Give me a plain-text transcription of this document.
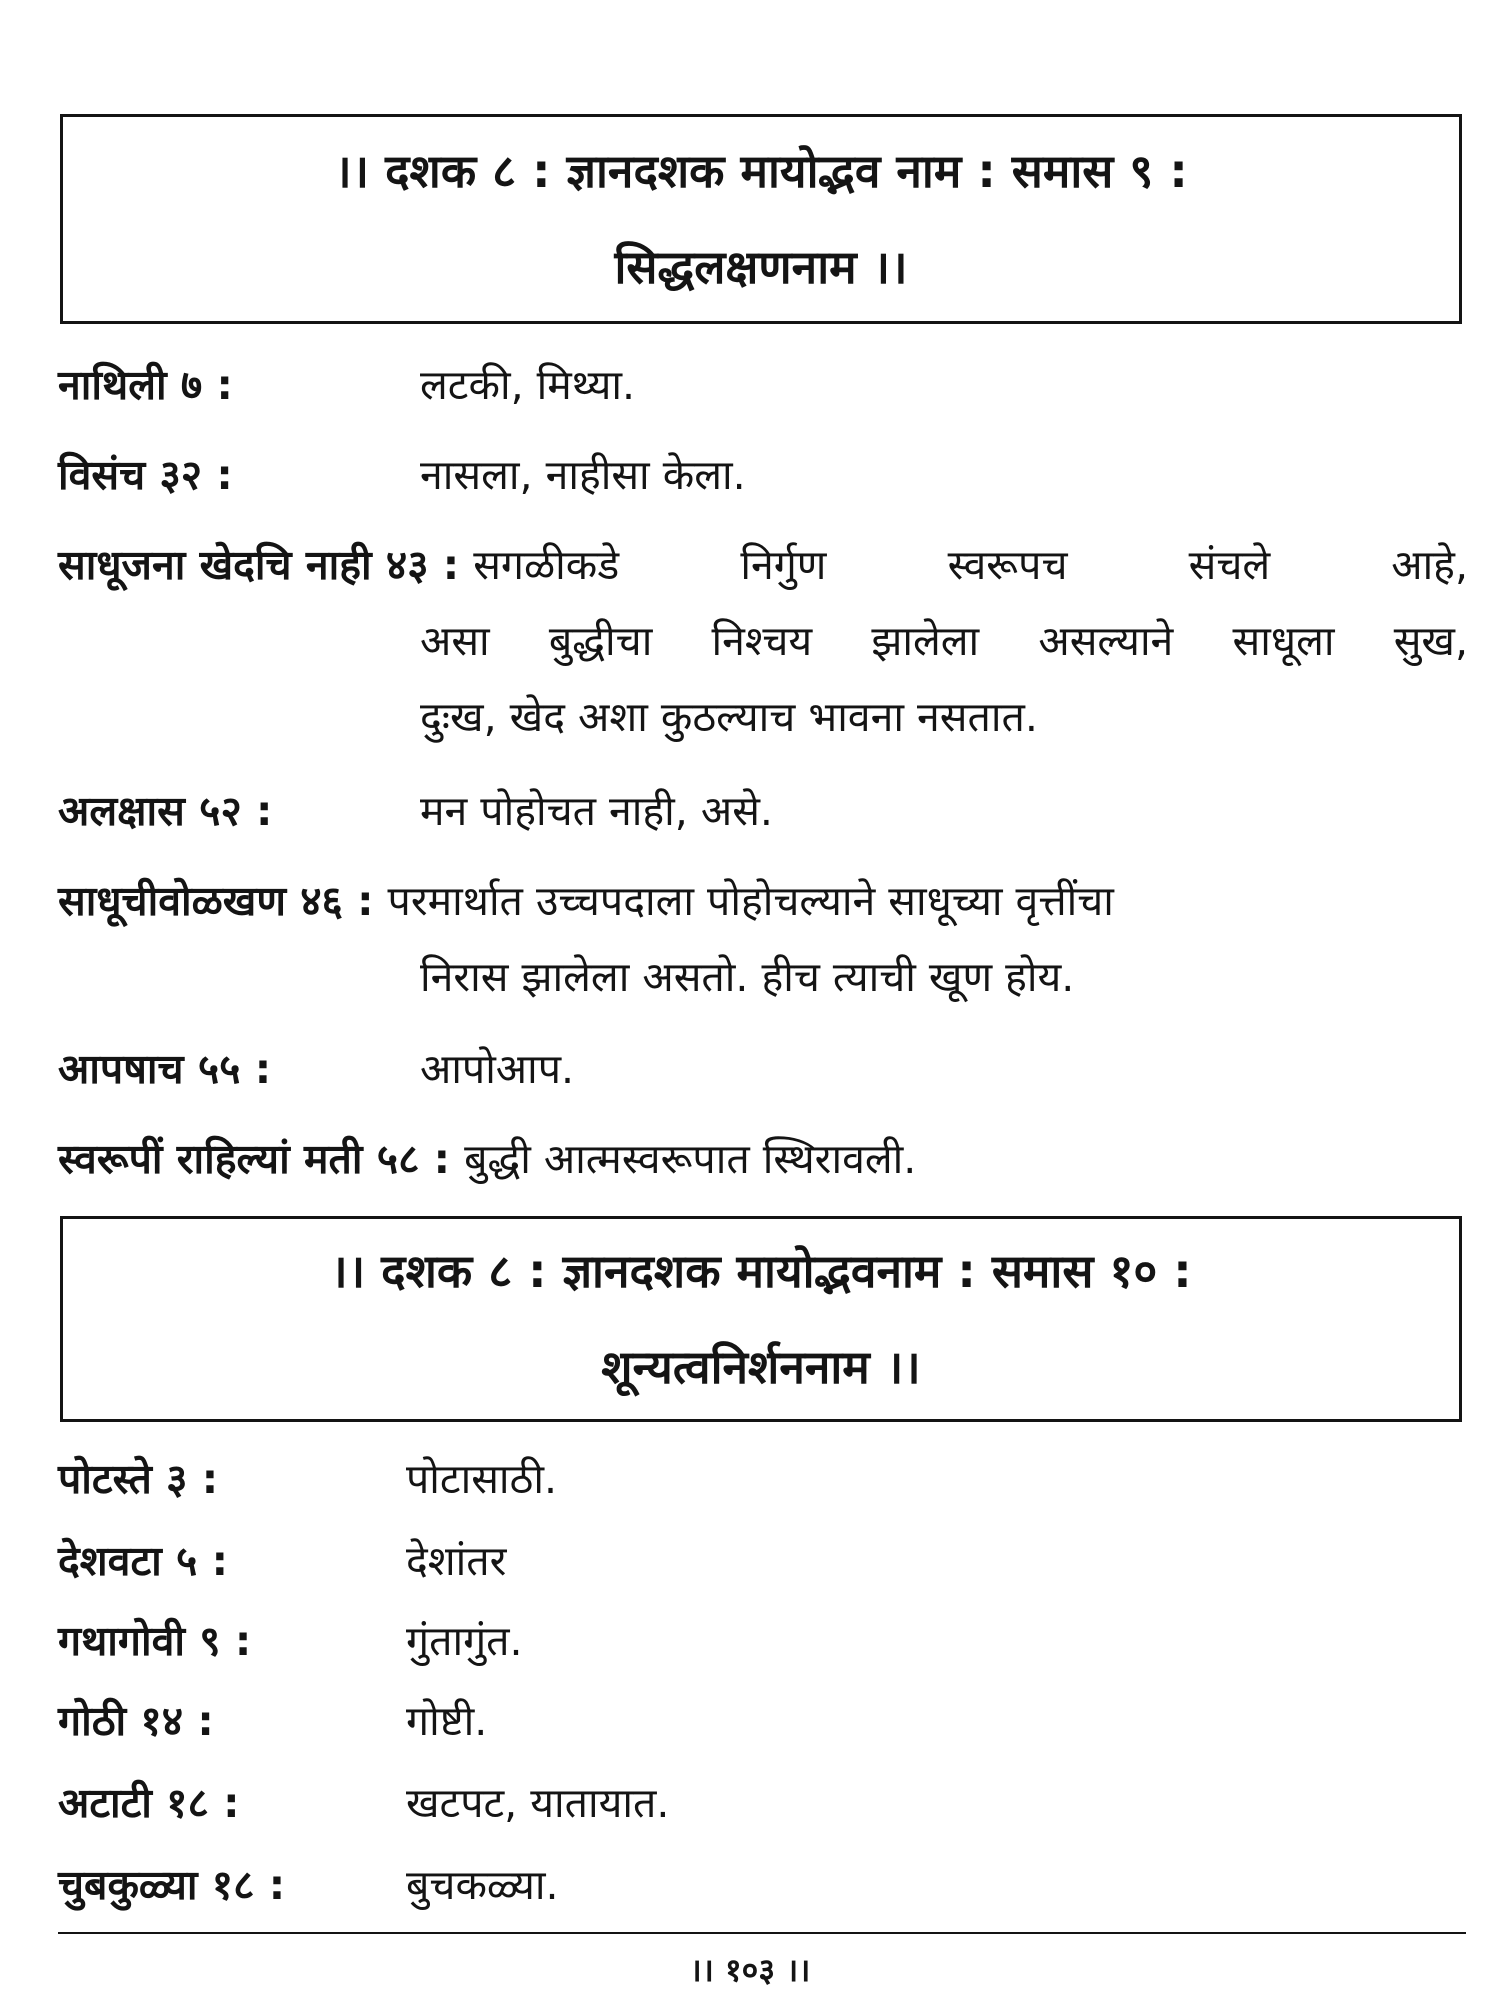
।। दशक ८ : ज्ञानदशक मायोद्भव नाम : समास ९ :
सिद्धलक्षणनाम ।।
नाथिली ७ :	लटकी, मिथ्या.
विसंच ३२ :	नासला, नाहीसा केला.
साधूजना खेदचि नाही ४३ : सगळीकडे निर्गुण स्वरूपच संचले आहे,
असा बुद्धीचा निश्चय झालेला असल्याने साधूला सुख,
दुःख, खेद अशा कुठल्याच भावना नसतात.
अलक्षास ५२ :	मन पोहोचत नाही, असे.
साधूचीवोळखण ४६ : परमार्थात उच्चपदाला पोहोचल्याने साधूच्या वृत्तींचा
निरास झालेला असतो. हीच त्याची खूण होय.
आपषाच ५५ :	आपोआप.
स्वरूपीं राहिल्यां मती ५८ : बुद्धी आत्मस्वरूपात स्थिरावली.
।। दशक ८ : ज्ञानदशक मायोद्भवनाम : समास १० :
शून्यत्वनिर्शननाम ।।
पोटस्ते ३ :	पोटासाठी.
देशवटा ५ :	देशांतर
गथागोवी ९ :	गुंतागुंत.
गोठी १४ :	गोष्टी.
अटाटी १८ :	खटपट, यातायात.
चुबकुळ्या १८ :	बुचकळ्या.
।। १०३ ।।
